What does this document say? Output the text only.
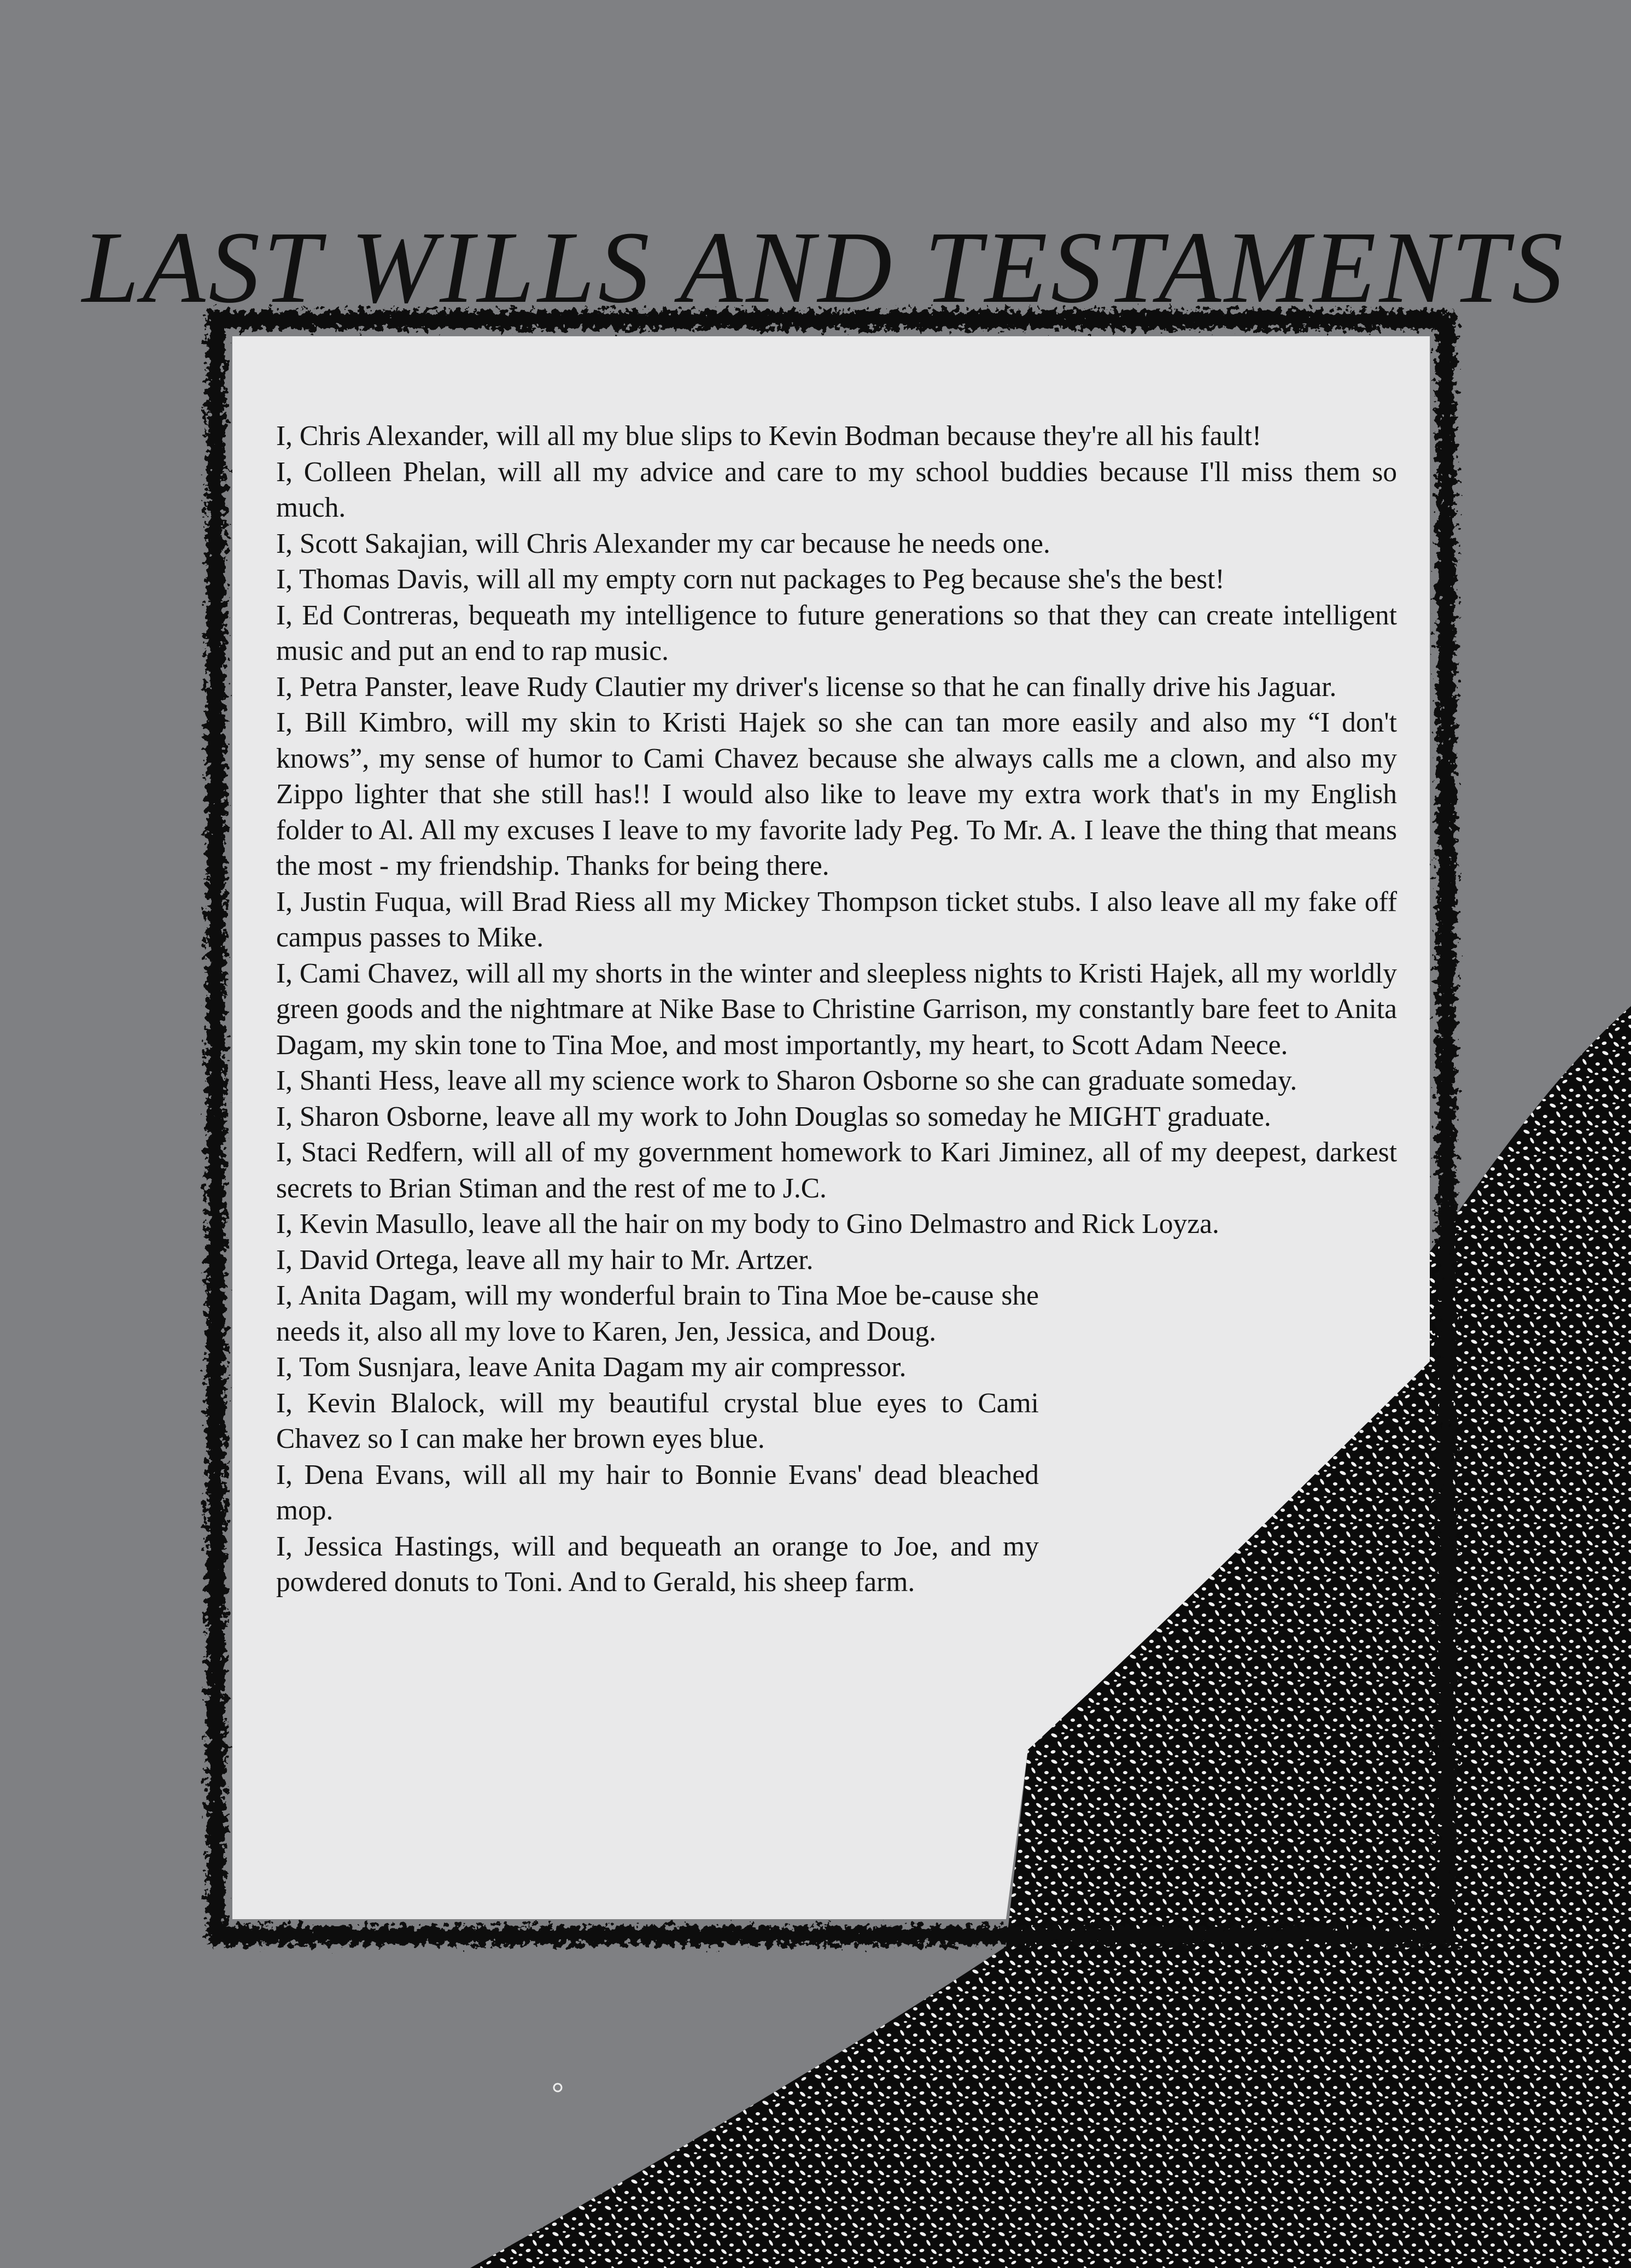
LAST WILLS AND TESTAMENTS

I, Chris Alexander, will all my blue slips to Kevin Bodman because they're all his fault!

I, Colleen Phelan, will all my advice and care to my school buddies because I'll miss them so much.

I, Scott Sakajian, will Chris Alexander my car because he needs one.

I, Thomas Davis, will all my empty corn nut packages to Peg because she's the best!

I, Ed Contreras, bequeath my intelligence to future generations so that they can create intelligent music and put an end to rap music.

I, Petra Panster, leave Rudy Clautier my driver's license so that he can finally drive his Jaguar.

I, Bill Kimbro, will my skin to Kristi Hajek so she can tan more easily and also my “I don't knows”, my sense of humor to Cami Chavez because she always calls me a clown, and also my Zippo lighter that she still has!! I would also like to leave my extra work that's in my English folder to Al. All my excuses I leave to my favorite lady Peg. To Mr. A. I leave the thing that means the most - my friendship. Thanks for being there.

I, Justin Fuqua, will Brad Riess all my Mickey Thompson ticket stubs. I also leave all my fake off campus passes to Mike.

I, Cami Chavez, will all my shorts in the winter and sleepless nights to Kristi Hajek, all my worldly green goods and the nightmare at Nike Base to Christine Garrison, my constantly bare feet to Anita Dagam, my skin tone to Tina Moe, and most importantly, my heart, to Scott Adam Neece.

I, Shanti Hess, leave all my science work to Sharon Osborne so she can graduate someday.

I, Sharon Osborne, leave all my work to John Douglas so someday he MIGHT graduate.

I, Staci Redfern, will all of my government homework to Kari Jiminez, all of my deepest, darkest secrets to Brian Stiman and the rest of me to J.C.

I, Kevin Masullo, leave all the hair on my body to Gino Delmastro and Rick Loyza.

I, David Ortega, leave all my hair to Mr. Artzer.

I, Anita Dagam, will my wonderful brain to Tina Moe be-cause she needs it, also all my love to Karen, Jen, Jessica, and Doug.

I, Tom Susnjara, leave Anita Dagam my air compressor.

I, Kevin Blalock, will my beautiful crystal blue eyes to Cami Chavez so I can make her brown eyes blue.

I, Dena Evans, will all my hair to Bonnie Evans' dead bleached mop.

I, Jessica Hastings, will and bequeath an orange to Joe, and my powdered donuts to Toni. And to Gerald, his sheep farm.
